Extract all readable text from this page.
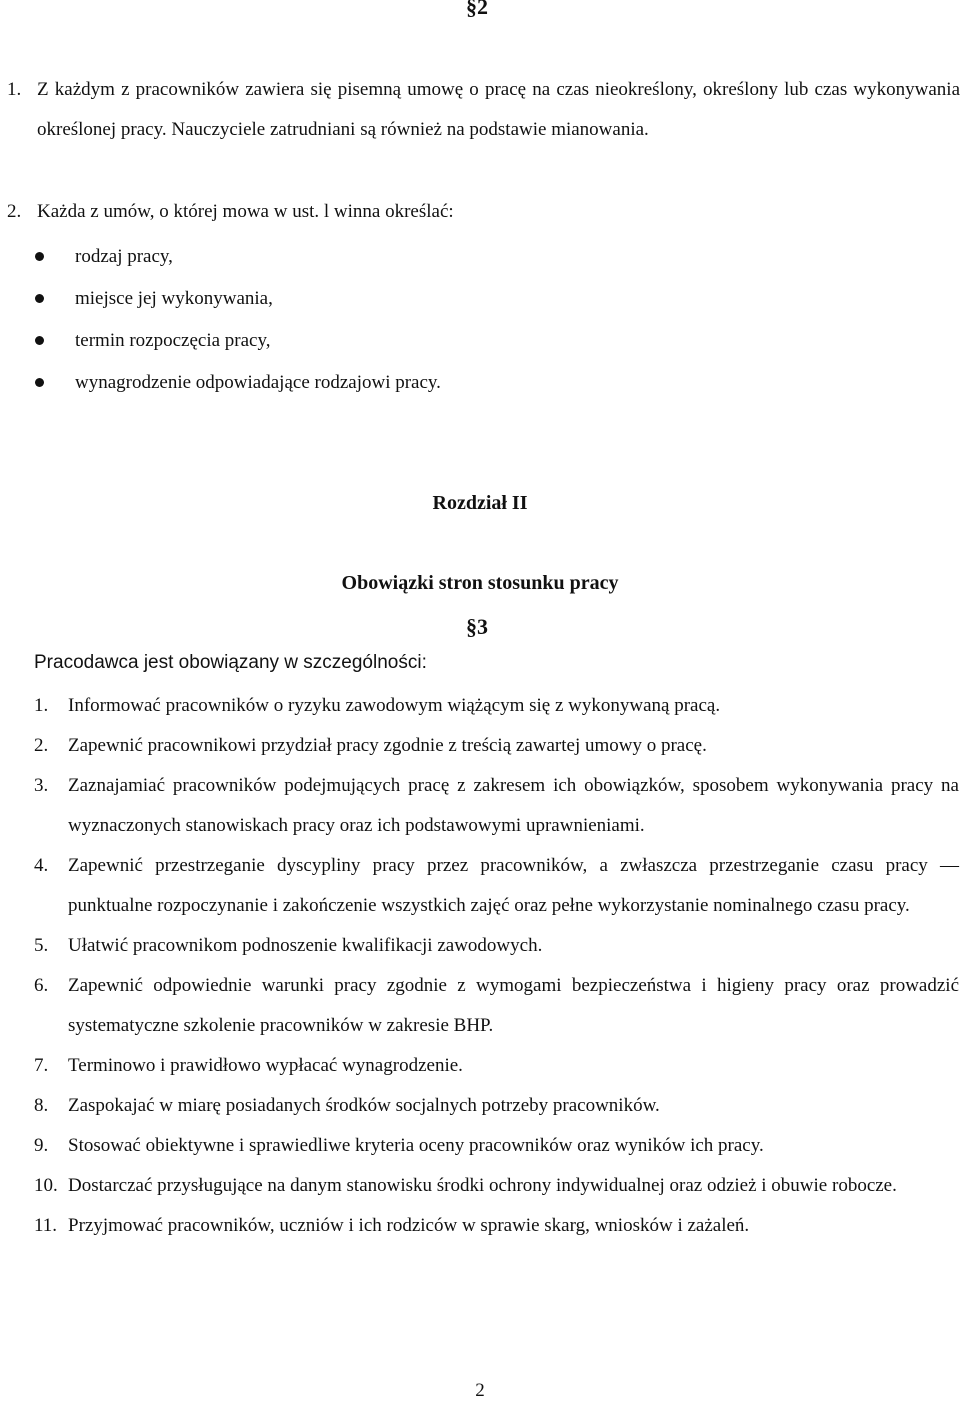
§2
1. Z każdym z pracowników zawiera się pisemną umowę o pracę na czas nieokreślony, określony lub czas wykonywania określonej pracy. Nauczyciele zatrudniani są również na podstawie mianowania.
2. Każda z umów, o której mowa w ust. l winna określać:
rodzaj pracy,
miejsce jej wykonywania,
termin rozpoczęcia pracy,
wynagrodzenie odpowiadające rodzajowi pracy.
Rozdział II
Obowiązki stron stosunku pracy
§3
Pracodawca jest obowiązany w szczególności:
1. Informować pracowników o ryzyku zawodowym wiążącym się z wykonywaną pracą.
2. Zapewnić pracownikowi przydział pracy zgodnie z treścią zawartej umowy o pracę.
3. Zaznajamiać pracowników podejmujących pracę z zakresem ich obowiązków, sposobem wykonywania pracy na wyznaczonych stanowiskach pracy oraz ich podstawowymi uprawnieniami.
4. Zapewnić przestrzeganie dyscypliny pracy przez pracowników, a zwłaszcza przestrzeganie czasu pracy — punktualne rozpoczynanie i zakończenie wszystkich zajęć oraz pełne wykorzystanie nominalnego czasu pracy.
5. Ułatwić pracownikom podnoszenie kwalifikacji zawodowych.
6. Zapewnić odpowiednie warunki pracy zgodnie z wymogami bezpieczeństwa i higieny pracy oraz prowadzić systematyczne szkolenie pracowników w zakresie BHP.
7. Terminowo i prawidłowo wypłacać wynagrodzenie.
8. Zaspokajać w miarę posiadanych środków socjalnych potrzeby pracowników.
9. Stosować obiektywne i sprawiedliwe kryteria oceny pracowników oraz wyników ich pracy.
10. Dostarczać przysługujące na danym stanowisku środki ochrony indywidualnej oraz odzież i obuwie robocze.
11. Przyjmować pracowników, uczniów i ich rodziców w sprawie skarg, wniosków i zażaleń.
2
